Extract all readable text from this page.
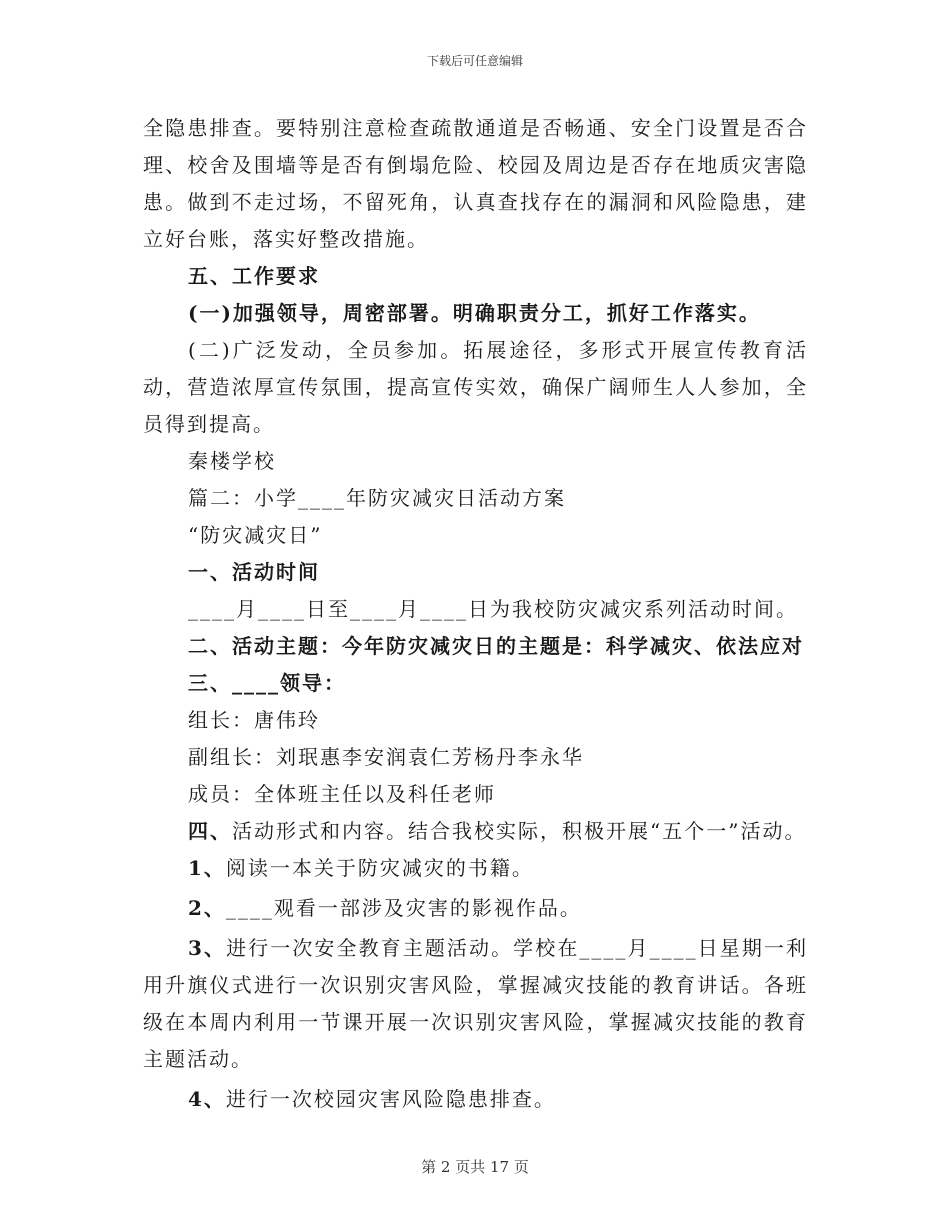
下载后可任意编辑

全隐患排查。要特别注意检查疏散通道是否畅通、安全门设置是否合理、校舍及围墙等是否有倒塌危险、校园及周边是否存在地质灾害隐患。做到不走过场，不留死角，认真查找存在的漏洞和风险隐患，建立好台账，落实好整改措施。

五、工作要求

(一)加强领导，周密部署。明确职责分工，抓好工作落实。

(二)广泛发动，全员参加。拓展途径，多形式开展宣传教育活动，营造浓厚宣传氛围，提高宣传实效，确保广阔师生人人参加，全员得到提高。

秦楼学校

篇二：小学____年防灾减灾日活动方案

“防灾减灾日”

一、活动时间

____月____日至____月____日为我校防灾减灾系列活动时间。

二、活动主题：今年防灾减灾日的主题是：科学减灾、依法应对

三、____领导：

组长：唐伟玲

副组长：刘珉惠李安润袁仁芳杨丹李永华

成员：全体班主任以及科任老师

四、活动形式和内容。结合我校实际，积极开展“五个一”活动。

1、阅读一本关于防灾减灾的书籍。

2、____观看一部涉及灾害的影视作品。

3、进行一次安全教育主题活动。学校在____月____日星期一利用升旗仪式进行一次识别灾害风险，掌握减灾技能的教育讲话。各班级在本周内利用一节课开展一次识别灾害风险，掌握减灾技能的教育主题活动。

4、进行一次校园灾害风险隐患排查。

第 2 页共 17 页
